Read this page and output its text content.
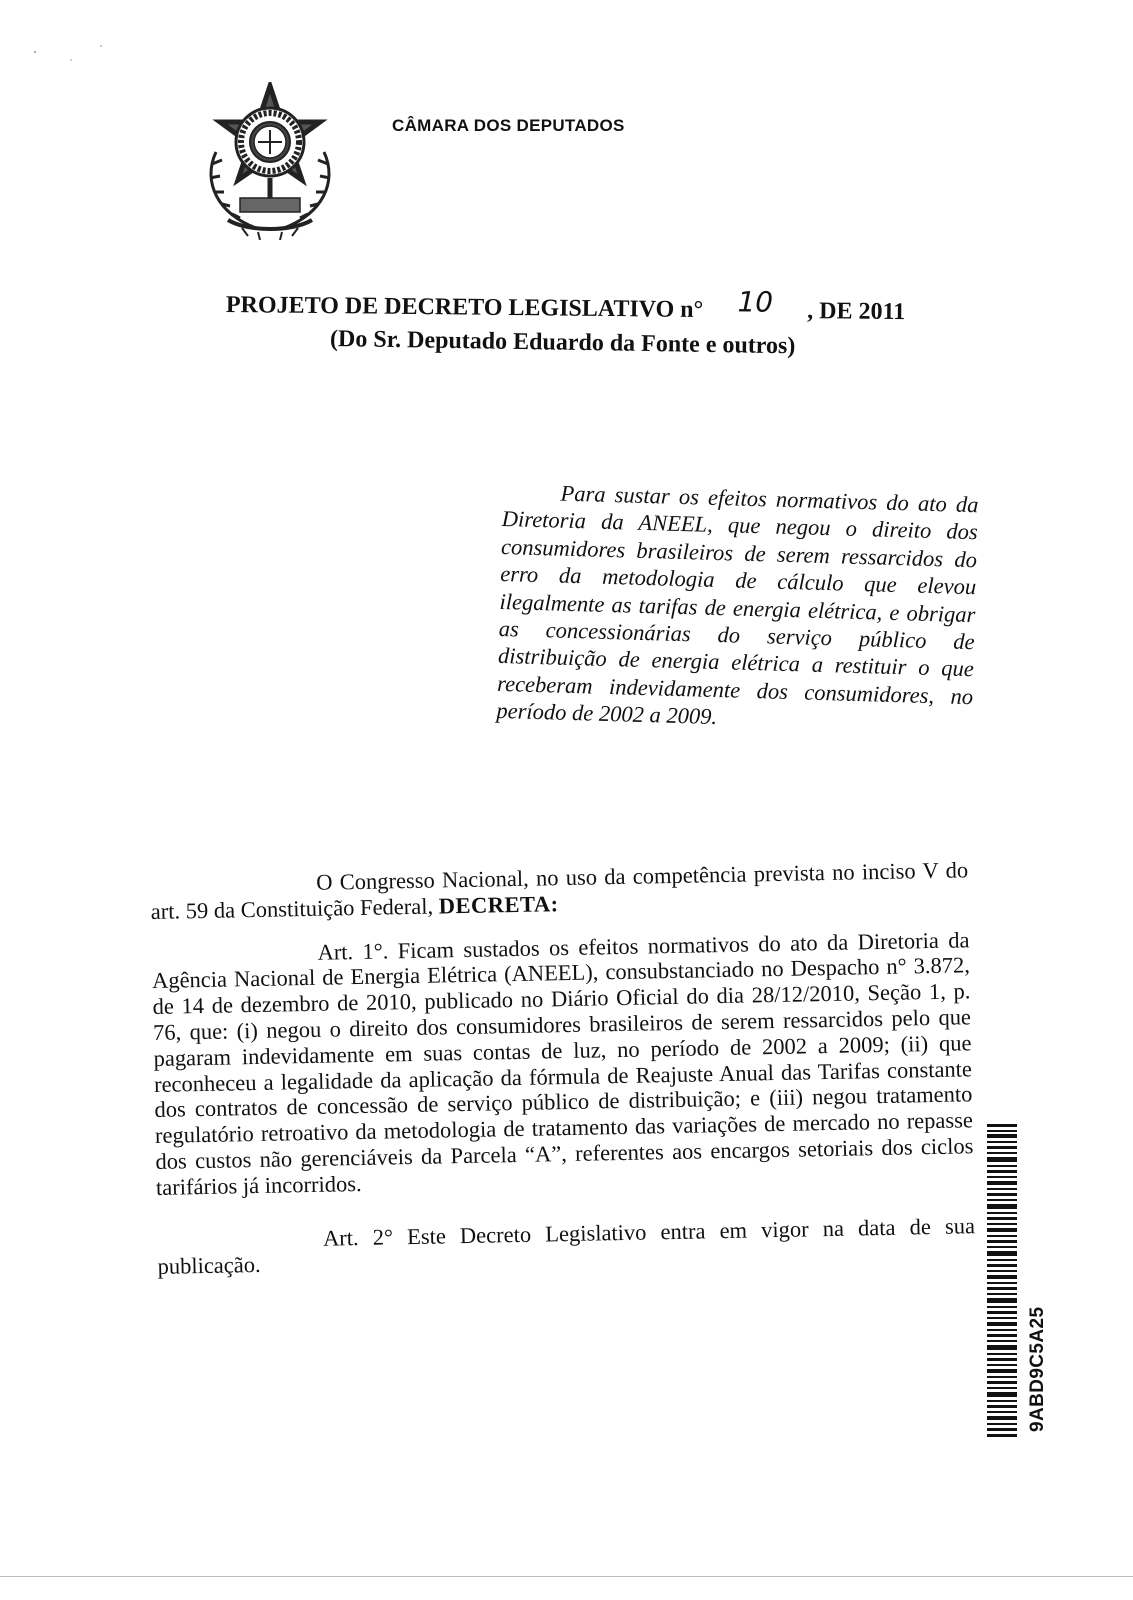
CÂMARA DOS DEPUTADOS
PROJETO DE DECRETO LEGISLATIVO n° 10 , DE 2011
(Do Sr. Deputado Eduardo da Fonte e outros)
Para sustar os efeitos normativos do ato da Diretoria da ANEEL, que negou o direito dos consumidores brasileiros de serem ressarcidos do erro da metodologia de cálculo que elevou ilegalmente as tarifas de energia elétrica, e obrigar as concessionárias do serviço público de distribuição de energia elétrica a restituir o que receberam indevidamente dos consumidores, no período de 2002 a 2009.

O Congresso Nacional, no uso da competência prevista no inciso V do art. 59 da Constituição Federal, DECRETA:

Art. 1°. Ficam sustados os efeitos normativos do ato da Diretoria da Agência Nacional de Energia Elétrica (ANEEL), consubstanciado no Despacho n° 3.872, de 14 de dezembro de 2010, publicado no Diário Oficial do dia 28/12/2010, Seção 1, p. 76, que: (i) negou o direito dos consumidores brasileiros de serem ressarcidos pelo que pagaram indevidamente em suas contas de luz, no período de 2002 a 2009; (ii) que reconheceu a legalidade da aplicação da fórmula de Reajuste Anual das Tarifas constante dos contratos de concessão de serviço público de distribuição; e (iii) negou tratamento regulatório retroativo da metodologia de tratamento das variações de mercado no repasse dos custos não gerenciáveis da Parcela “A”, referentes aos encargos setoriais dos ciclos tarifários já incorridos.

Art. 2° Este Decreto Legislativo entra em vigor na data de sua publicação.

9ABD9C5A25
